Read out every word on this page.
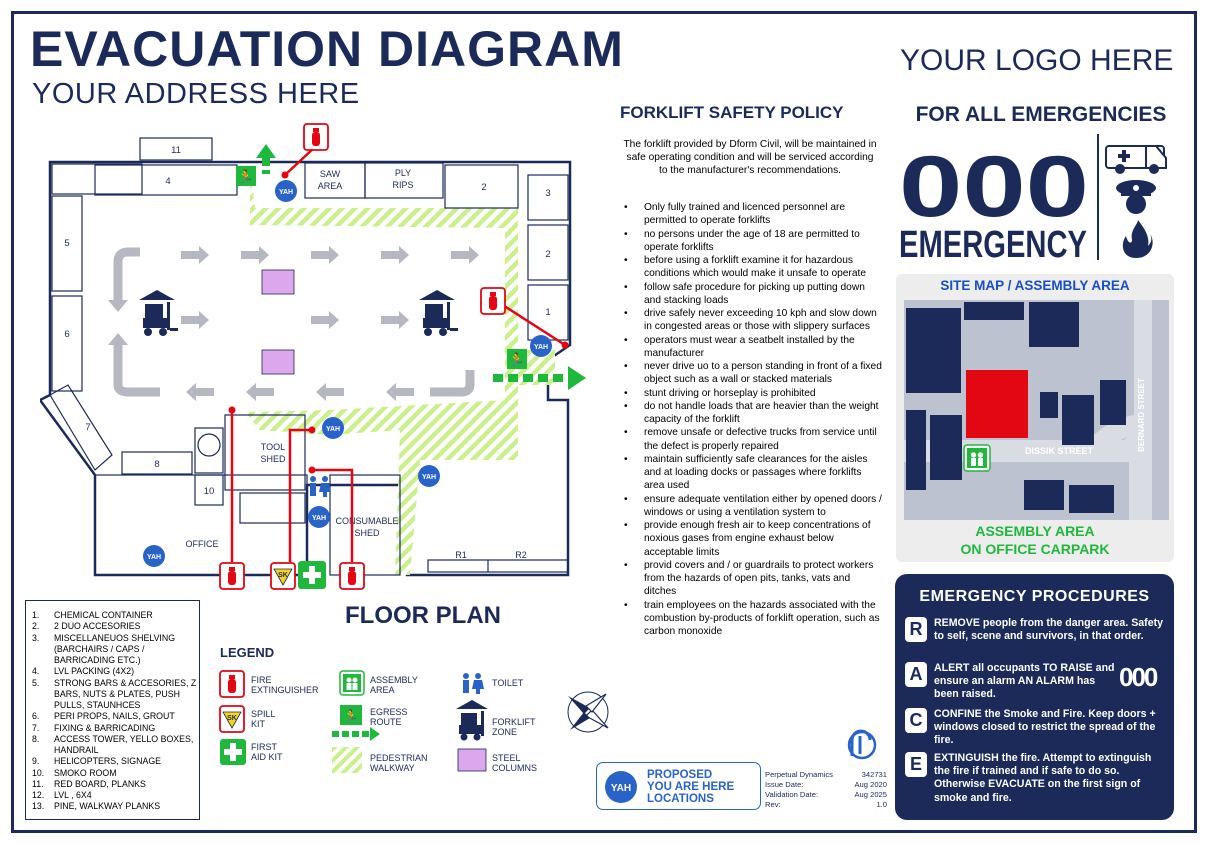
EVACUATION DIAGRAM
YOUR ADDRESS HERE
YOUR LOGO HERE
SAW
AREA
PLY
RIPS
TOOL
SHED
OFFICE
CONSUMABLE
SHED
R1	R2
11
4
2
3
2
1
5
6
7
8
10
🏃
🏃
SK
YAH
YAH
YAH
YAH
YAH
YAH
FLOOR PLAN
1. CHEMICAL CONTAINER
2. 2 DUO ACCESORIES
3. MISCELLANEUOS SHELVING (BARCHAIRS / CAPS / BARRICADING ETC.)
4. LVL PACKING (4X2)
5. STRONG BARS & ACCESORIES, Z BARS, NUTS & PLATES, PUSH PULLS, STAUNHCES
6. PERI PROPS, NAILS, GROUT
7. FIXING & BARRICADING
8. ACCESS TOWER, YELLO BOXES, HANDRAIL
9. HELICOPTERS, SIGNAGE
10. SMOKO ROOM
11. RED BOARD, PLANKS
12. LVL , 6X4
13. PINE, WALKWAY PLANKS
LEGEND
SK	🏃
FIRE
EXTINGUISHER
SPILL
KIT
FIRST
AID KIT
ASSEMBLY
AREA
EGRESS
ROUTE
PEDESTRIAN
WALKWAY
TOILET
FORKLIFT
ZONE
STEEL
COLUMNS
YAH
PROPOSED
YOU ARE HERE
LOCATIONS
Perpetual Dynamics	342731
Issue Date:	Aug 2020
Validation Date:	Aug 2025
Rev:	1.0
FORKLIFT SAFETY POLICY
The forklift provided by Dform Civil, will be maintained in safe operating condition and will be serviced according to the manufacturer's recommendations.
• Only fully trained and licenced personnel are permitted to operate forklifts
• no persons under the age of 18 are permitted to operate forklifts
• before using a forklift examine it for hazardous conditions which would make it unsafe to operate
• follow safe procedure for picking up putting down and stacking loads
• drive safely never exceeding 10 kph and slow down in congested areas or those with slippery surfaces
• operators must wear a seatbelt installed by the manufacturer
• never drive uo to a person standing in front of a fixed object such as a wall or stacked materials
• stunt driving or horseplay is prohibited
• do not handle loads that are heavier than the weight capacity of the forklift
• remove unsafe or defective trucks from service until the defect is properly repaired
• maintain sufficiently safe clearances for the aisles and at loading docks or passages where forklifts area used
• ensure adequate ventilation either by opened doors / windows or using a ventilation system to
• provide enough fresh air to keep concentrations of noxious gases from engine exhaust below acceptable limits
• provid covers and / or guardrails to protect workers from the hazards of open pits, tanks, vats and ditches
• train employees on the hazards associated with the combustion by-products of forklift operation, such as carbon monoxide
FOR ALL EMERGENCIES
000
EMERGENCY
SITE MAP / ASSEMBLY AREA
DISSIK STREET	BERNARD STREET
ASSEMBLY AREA
ON OFFICE CARPARK
EMERGENCY PROCEDURES
R	REMOVE people from the danger area. Safety to self, scene and survivors, in that order.
A	ALERT all occupants TO RAISE and ensure an alarm AN ALARM has been raised.
000
C	CONFINE the Smoke and Fire. Keep doors + windows closed to restrict the spread of the fire.
E	EXTINGUISH the fire. Attempt to extinguish the fire if trained and if safe to do so. Otherwise EVACUATE on the first sign of smoke and fire.
